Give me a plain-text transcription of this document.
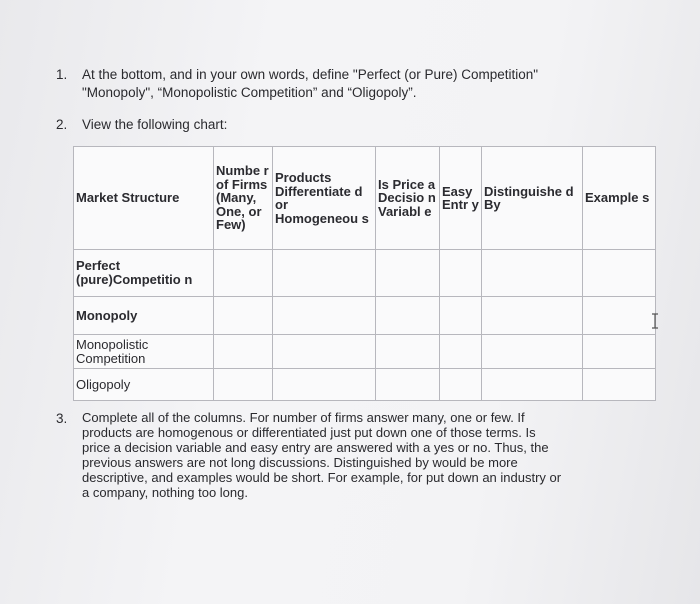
1. At the bottom, and in your own words, define "Perfect (or Pure) Competition"
"Monopoly", “Monopolistic Competition” and “Oligopoly”.
2. View the following chart:
Market Structure	Numbe r of Firms (Many, One, or Few)	Products Differentiate d or Homogeneou s	Is Price a Decisio n Variabl e	Easy Entr y	Distinguishe d By	Example s
Perfect (pure)Competitio n						
Monopoly						
Monopolistic Competition						
Oligopoly						
3. Complete all of the columns. For number of firms answer many, one or few. If
products are homogenous or differentiated just put down one of those terms. Is
price a decision variable and easy entry are answered with a yes or no. Thus, the
previous answers are not long discussions. Distinguished by would be more
descriptive, and examples would be short. For example, for put down an industry or
a company, nothing too long.
